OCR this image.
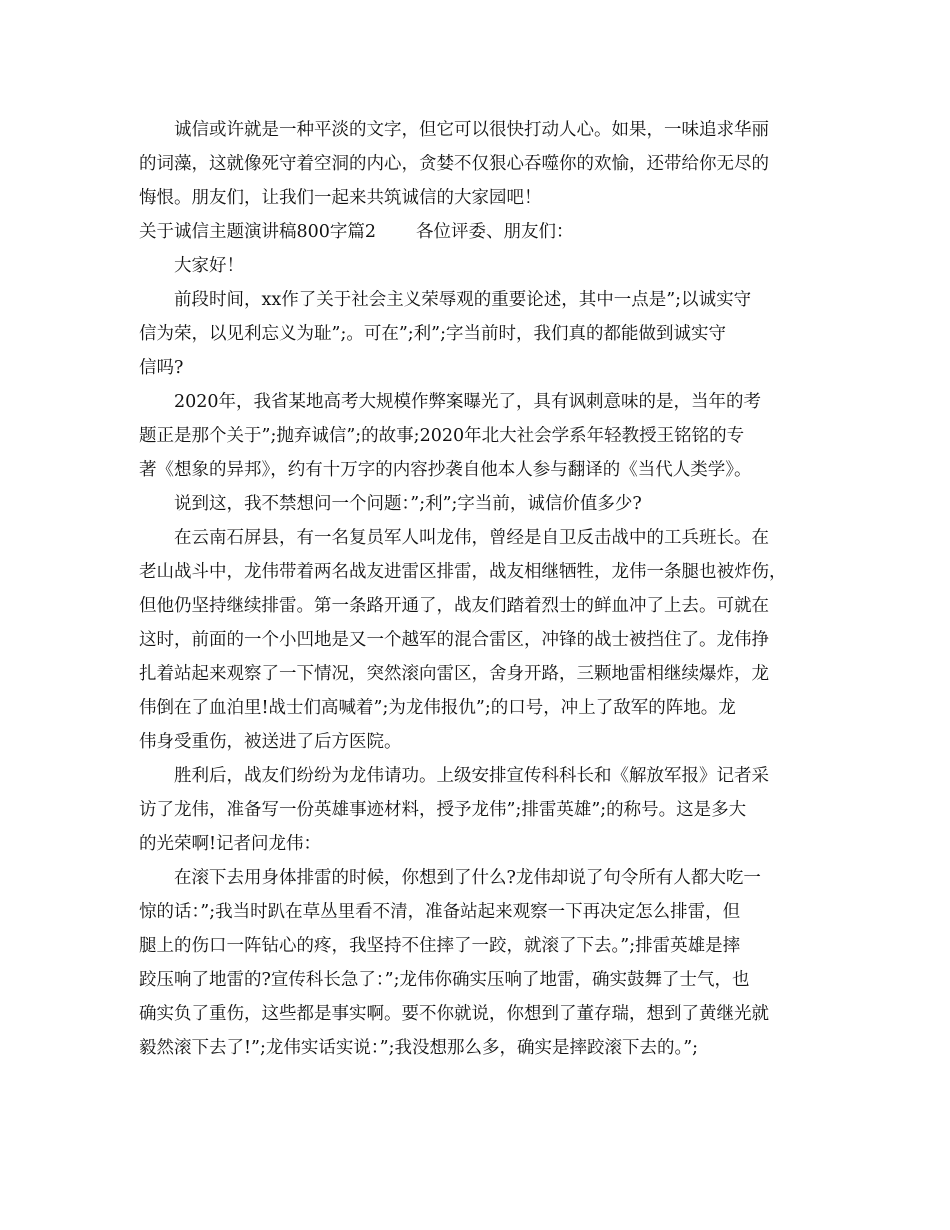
诚信或许就是一种平淡的文字，但它可以很快打动人心。如果，一味追求华丽
的词藻，这就像死守着空洞的内心，贪婪不仅狠心吞噬你的欢愉，还带给你无尽的
悔恨。朋友们，让我们一起来共筑诚信的大家园吧！
关于诚信主题演讲稿800字篇2 各位评委、朋友们：
大家好！
前段时间，xx作了关于社会主义荣辱观的重要论述，其中一点是”;以诚实守
信为荣，以见利忘义为耻”;。可在”;利”;字当前时，我们真的都能做到诚实守
信吗?
2020年，我省某地高考大规模作弊案曝光了，具有讽刺意味的是，当年的考
题正是那个关于”;抛弃诚信”;的故事;2020年北大社会学系年轻教授王铭铭的专
著《想象的异邦》，约有十万字的内容抄袭自他本人参与翻译的《当代人类学》。
说到这，我不禁想问一个问题：”;利”;字当前，诚信价值多少?
在云南石屏县，有一名复员军人叫龙伟，曾经是自卫反击战中的工兵班长。在
老山战斗中，龙伟带着两名战友进雷区排雷，战友相继牺牲，龙伟一条腿也被炸伤，
但他仍坚持继续排雷。第一条路开通了，战友们踏着烈士的鲜血冲了上去。可就在
这时，前面的一个小凹地是又一个越军的混合雷区，冲锋的战士被挡住了。龙伟挣
扎着站起来观察了一下情况，突然滚向雷区，舍身开路，三颗地雷相继续爆炸，龙
伟倒在了血泊里!战士们高喊着”;为龙伟报仇”;的口号，冲上了敌军的阵地。龙
伟身受重伤，被送进了后方医院。
胜利后，战友们纷纷为龙伟请功。上级安排宣传科科长和《解放军报》记者采
访了龙伟，准备写一份英雄事迹材料，授予龙伟”;排雷英雄”;的称号。这是多大
的光荣啊!记者问龙伟：
在滚下去用身体排雷的时候，你想到了什么?龙伟却说了句令所有人都大吃一
惊的话：”;我当时趴在草丛里看不清，准备站起来观察一下再决定怎么排雷，但
腿上的伤口一阵钻心的疼，我坚持不住摔了一跤，就滚了下去。”;排雷英雄是摔
跤压响了地雷的?宣传科长急了：”;龙伟你确实压响了地雷，确实鼓舞了士气，也
确实负了重伤，这些都是事实啊。要不你就说，你想到了董存瑞，想到了黄继光就
毅然滚下去了!”;龙伟实话实说：”;我没想那么多，确实是摔跤滚下去的。”;
